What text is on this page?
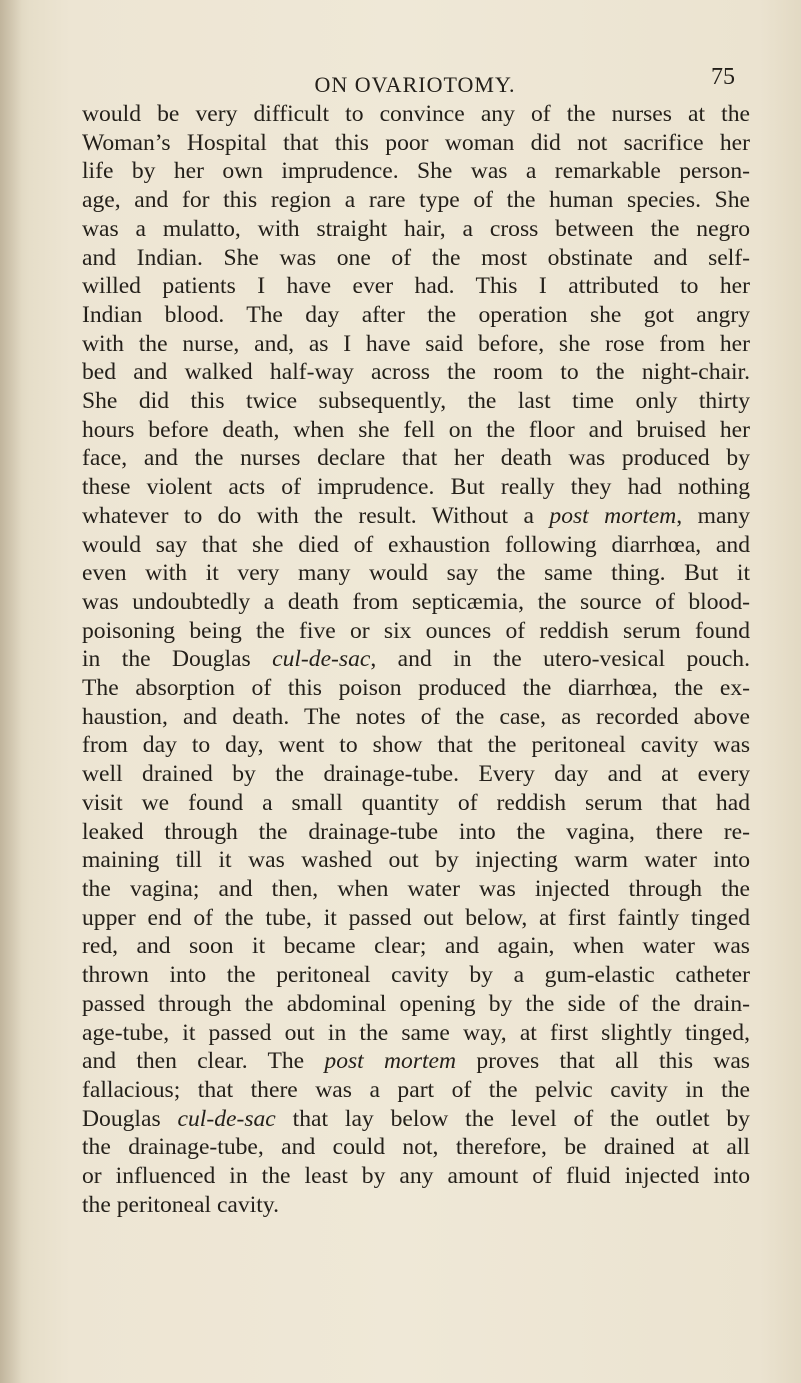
ON OVARIOTOMY.	75
would be very difficult to convince any of the nurses at the
Woman’s Hospital that this poor woman did not sacrifice her
life by her own imprudence. She was a remarkable person-
age, and for this region a rare type of the human species. She
was a mulatto, with straight hair, a cross between the negro
and Indian. She was one of the most obstinate and self-
willed patients I have ever had. This I attributed to her
Indian blood. The day after the operation she got angry
with the nurse, and, as I have said before, she rose from her
bed and walked half-way across the room to the night-chair.
She did this twice subsequently, the last time only thirty
hours before death, when she fell on the floor and bruised her
face, and the nurses declare that her death was produced by
these violent acts of imprudence. But really they had nothing
whatever to do with the result. Without a post mortem, many
would say that she died of exhaustion following diarrhœa, and
even with it very many would say the same thing. But it
was undoubtedly a death from septicæmia, the source of blood-
poisoning being the five or six ounces of reddish serum found
in the Douglas cul-de-sac, and in the utero-vesical pouch.
The absorption of this poison produced the diarrhœa, the ex-
haustion, and death. The notes of the case, as recorded above
from day to day, went to show that the peritoneal cavity was
well drained by the drainage-tube. Every day and at every
visit we found a small quantity of reddish serum that had
leaked through the drainage-tube into the vagina, there re-
maining till it was washed out by injecting warm water into
the vagina; and then, when water was injected through the
upper end of the tube, it passed out below, at first faintly tinged
red, and soon it became clear; and again, when water was
thrown into the peritoneal cavity by a gum-elastic catheter
passed through the abdominal opening by the side of the drain-
age-tube, it passed out in the same way, at first slightly tinged,
and then clear. The post mortem proves that all this was
fallacious; that there was a part of the pelvic cavity in the
Douglas cul-de-sac that lay below the level of the outlet by
the drainage-tube, and could not, therefore, be drained at all
or influenced in the least by any amount of fluid injected into
the peritoneal cavity.
